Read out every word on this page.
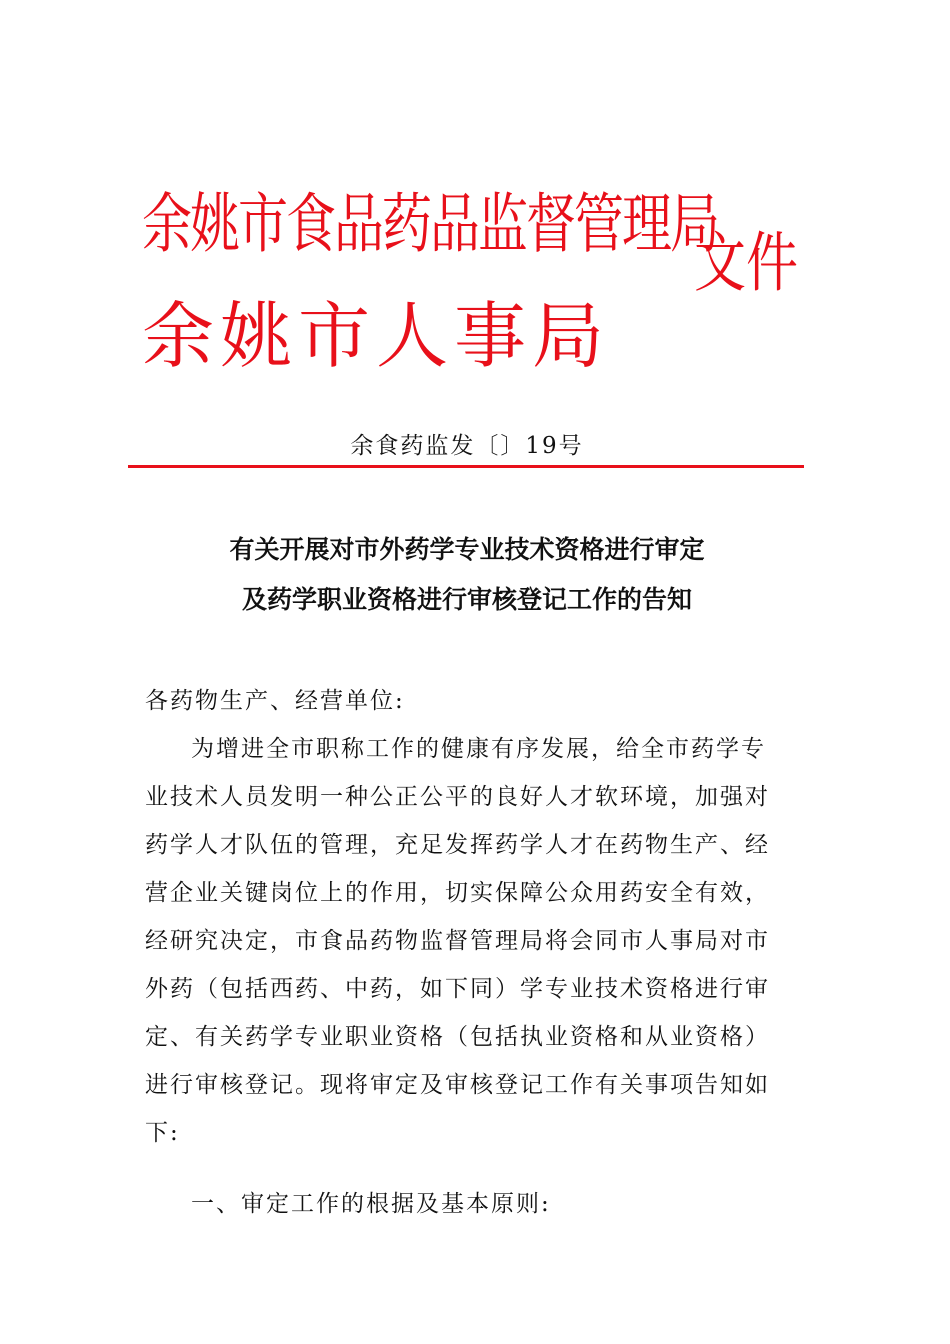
余姚市食品药品监督管理局
余姚市人事局
文件
余食药监发〔〕19号
有关开展对市外药学专业技术资格进行审定
及药学职业资格进行审核登记工作的告知
各药物生产、经营单位:
为增进全市职称工作的健康有序发展，给全市药学专
业技术人员发明一种公正公平的良好人才软环境，加强对
药学人才队伍的管理，充足发挥药学人才在药物生产、经
营企业关键岗位上的作用，切实保障公众用药安全有效，
经研究决定，市食品药物监督管理局将会同市人事局对市
外药（包括西药、中药，如下同）学专业技术资格进行审
定、有关药学专业职业资格（包括执业资格和从业资格）
进行审核登记。现将审定及审核登记工作有关事项告知如
下:
一、审定工作的根据及基本原则:
